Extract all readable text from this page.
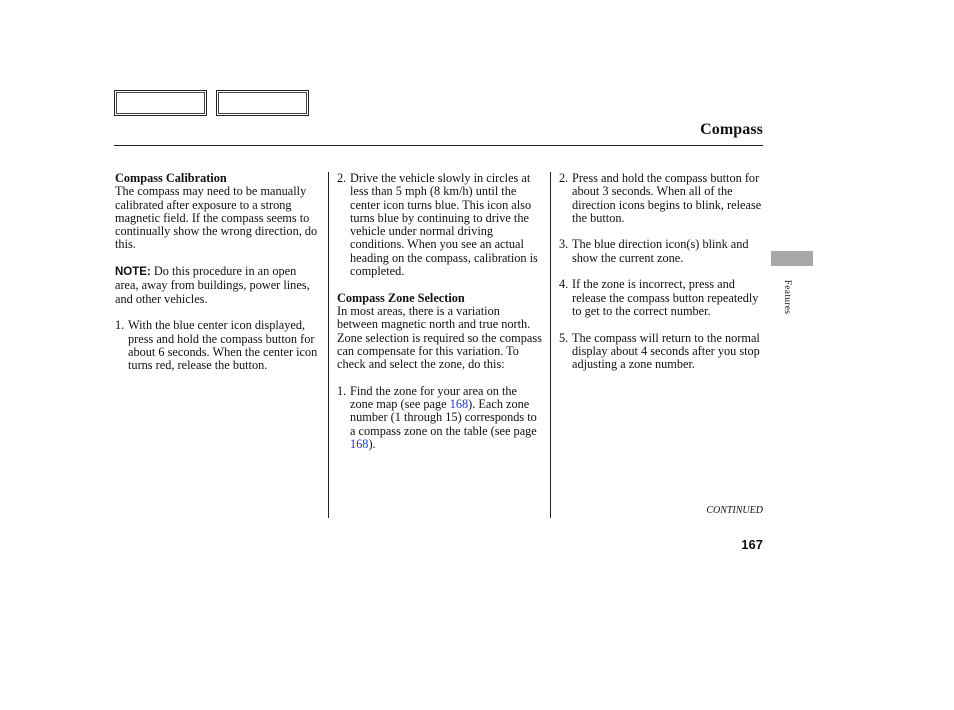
Compass

Compass Calibration

The compass may need to be manually calibrated after exposure to a strong magnetic field. If the compass seems to continually show the wrong direction, do this.

NOTE: Do this procedure in an open area, away from buildings, power lines, and other vehicles.

1. With the blue center icon displayed, press and hold the compass button for about 6 seconds. When the center icon turns red, release the button.
2. Drive the vehicle slowly in circles at less than 5 mph (8 km/h) until the center icon turns blue. This icon also turns blue by continuing to drive the vehicle under normal driving conditions. When you see an actual heading on the compass, calibration is completed.

Compass Zone Selection

In most areas, there is a variation between magnetic north and true north. Zone selection is required so the compass can compensate for this variation. To check and select the zone, do this:

1. Find the zone for your area on the zone map (see page 168). Each zone number (1 through 15) corresponds to a compass zone on the table (see page 168).
2. Press and hold the compass button for about 3 seconds. When all of the direction icons begins to blink, release the button.
3. The blue direction icon(s) blink and show the current zone.
4. If the zone is incorrect, press and release the compass button repeatedly to get to the correct number.
5. The compass will return to the normal display about 4 seconds after you stop adjusting a zone number.
Features
CONTINUED
167
